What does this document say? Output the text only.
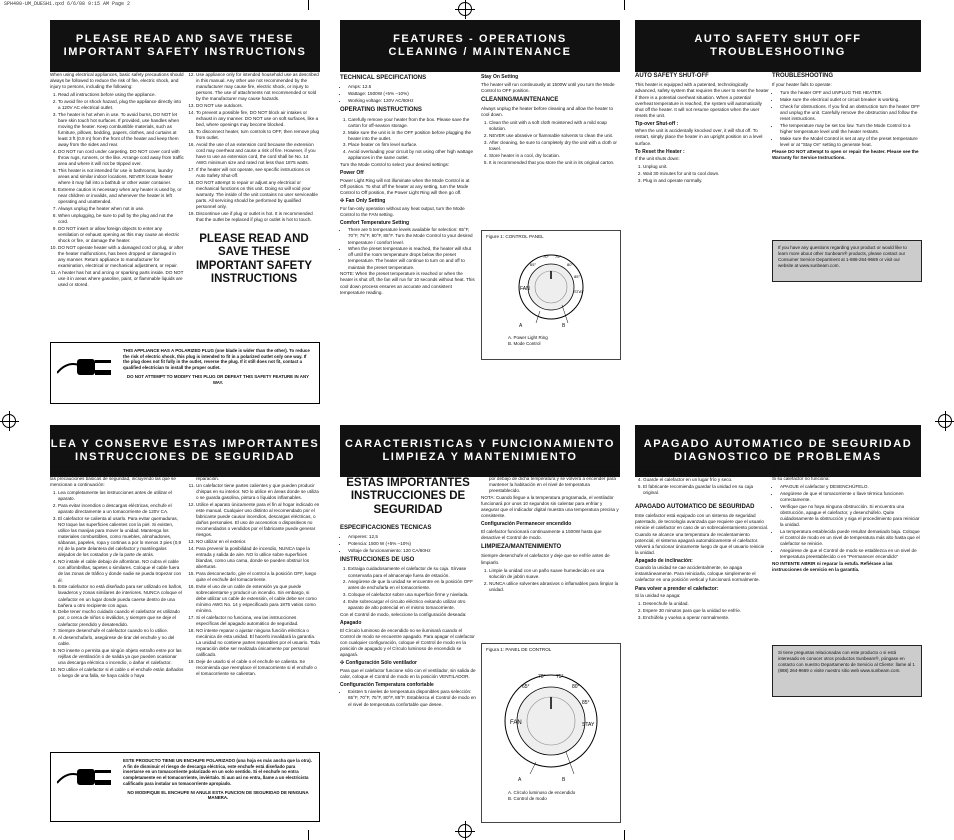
SPH400-UM_DUESH1.qxd 6/6/08 9:15 AM Page 2
PLEASE READ AND SAVE THESE
IMPORTANT SAFETY INSTRUCTIONS
FEATURES - OPERATIONS
CLEANING / MAINTENANCE
AUTO SAFETY SHUT OFF
TROUBLESHOOTING

When using electrical appliances, basic safety precautions should always be followed to reduce the risk of fire, electric shock, and injury to persons, including the following:

1. Read all instructions before using the appliance.
2. To avoid fire or shock hazard, plug the appliance directly into a 120V AC electrical outlet.
3. The heater is hot when in use. To avoid burns, DO NOT let bare skin touch hot surfaces. If provided, use handles when moving the heater. Keep combustible materials, such as furniture, pillows, bedding, papers, clothes, and curtains at least 3 ft (0.9 m) from the front of the heater and keep them away from the sides and rear.
4. DO NOT run cord under carpeting. DO NOT cover cord with throw rugs, runners, or the like. Arrange cord away from traffic area and where it will not be tripped over.
5. This heater is not intended for use in bathrooms, laundry areas and similar indoor locations. NEVER locate heater where it may fall into a bathtub or other water container.
6. Extreme caution is necessary when any heater is used by, or near children or invalids, and whenever the heater is left operating and unattended.
7. Always unplug the heater when not in use.
8. When unplugging, be sure to pull by the plug and not the cord.
9. DO NOT insert or allow foreign objects to enter any ventilation or exhaust opening as this may cause an electric shock or fire, or damage the heater.
10. DO NOT operate heater with a damaged cord or plug, or after the heater malfunctions, has been dropped or damaged in any manner. Return appliance to manufacturer for examination, electrical or mechanical adjustment, or repair.
11. A heater has hot and arcing or sparking parts inside. DO NOT use it in areas where gasoline, paint, or flammable liquids are used or stored.
12. Use appliance only for intended household use as described in this manual. Any other use not recommended by the manufacturer may cause fire, electric shock, or injury to persons. The use of attachments not recommended or sold by the manufacturer may cause hazards.
13. DO NOT use outdoors.
14. To prevent a possible fire, DO NOT block air intakes or exhaust in any manner. DO NOT use on soft surfaces, like a bed, where openings may become blocked.
15. To disconnect heater, turn controls to OFF, then remove plug from outlet.
16. Avoid the use of an extension cord because the extension cord may overheat and cause a risk of fire. However, if you have to use an extension cord, the cord shall be No. 14 AWG minimum size and rated not less than 1875 watts.
17. If the heater will not operate, see specific instructions on Auto Safety Shut-off.
18. DO NOT attempt to repair or adjust any electrical or mechanical functions on this unit. Doing so will void your warranty. The inside of the unit contains no user serviceable parts. All servicing should be performed by qualified personnel only.
19. Discontinue use if plug or outlet is hot. It is recommended that the outlet be replaced if plug or outlet is hot to touch.
PLEASE READ AND SAVE THESE IMPORTANT SAFETY INSTRUCTIONS
THIS APPLIANCE HAS A POLARIZED PLUG (one blade is wider than the other). To reduce the risk of electric shock, this plug is intended to fit in a polarized outlet only one way. If the plug does not fit fully in the outlet, reverse the plug. If it still does not fit, contact a qualified electrician to install the proper outlet.
DO NOT ATTEMPT TO MODIFY THIS PLUG OR DEFEAT THIS SAFETY FEATURE IN ANY WAY.
TECHNICAL SPECIFICATIONS
• Amps: 12.5
• Wattage: 1500W (+5% –10%)
• Working voltage: 120V AC/60Hz
OPERATING INSTRUCTIONS
1. Carefully remove your heater from the box. Please save the carton for off-season storage.
2. Make sure the unit is in the OFF position before plugging the heater into the outlet.
3. Place heater on firm level surface.
4. Avoid overloading your circuit by not using other high wattage appliances in the same outlet.

Turn the Mode Control to select your desired settings:

Power Off

Power Light Ring will not illuminate when the Mode Control is at Off position. To shut off the heater at any setting, turn the Mode Control to Off position, the Power Light Ring will then go off.

✣ Fan Only Setting

For fan-only operation without any heat output, turn the Mode Control to the FAN setting.

Comfort Temperature Setting
• There are 5 temperature levels available for selection: 65°F, 70°F, 75°F, 80°F, 85°F. Turn the Mode Control to your desired temperature / comfort level.
• When the preset temperature is reached, the heater will shut off until the room temperature drops below the preset temperature. The heater will continue to turn on and off to maintain the preset temperature.

NOTE: When the preset temperature is reached or when the heater is shut off, the fan will run for 10 seconds without heat. This cool down process ensures an accurate and consistent temperature reading.

Stay On Setting

The heater will run continuously at 1500W until you turn the Mode Control to OFF position.

CLEANING/MAINTENANCE

Always unplug the heater before cleaning and allow the heater to cool down.

1. Clean the unit with a soft cloth moistened with a mild soap solution.
2. NEVER use abrasive or flammable solvents to clean the unit.
3. After cleaning, be sure to completely dry the unit with a cloth or towel.
4. Store heater in a cool, dry location.
5. It is recommended that you store the unit in its original carton.
Figure 1: CONTROL PANEL
FAN
65°
70° 75°
80°
85°
STAY
A	B
A. Power Light Ring
B. Mode Control
AUTO SAFETY SHUT-OFF

This heater is equipped with a patented, technologically advanced, safety system that requires the user to reset the heater if there is a potential overheat situation. When a potential overheat temperature is reached, the system will automatically shut off the heater. It will not resume operation when the user resets the unit.

Tip-over Shut-off :

When the unit is accidentally knocked over, it will shut off. To restart, simply place the heater in an upright position on a level surface.

To Reset the Heater :

If the unit shuts down:

1. Unplug unit.
2. Wait 30 minutes for unit to cool down.
3. Plug in and operate normally.
TROUBLESHOOTING

If your heater fails to operate:

• Turn the heater OFF and UNPLUG THE HEATER.
• Make sure the electrical outlet or circuit breaker is working.
• Check for obstructions. If you find an obstruction turn the heater OFF and unplug the unit. Carefully remove the obstruction and follow the reset instructions.
• The temperature may be set too low. Turn the Mode Control to a higher temperature level until the heater restarts.
• Make sure the Model Control is set at any of the preset temperature level or at "Stay On" setting to generate heat.

Please DO NOT attempt to open or repair the heater. Please see the Warranty for Service Instructions.

If you have any questions regarding your product or would like to learn more about other Sunbeam® products, please contact our Consumer Service Department at 1-888-264-9669 or visit our website at www.sunbeam.com.
LEA Y CONSERVE ESTAS IMPORTANTES
INSTRUCCIONES DE SEGURIDAD
CARACTERISTICAS Y FUNCIONAMIENTO
LIMPIEZA Y MANTENIMIENTO
APAGADO AUTOMATICO DE SEGURIDAD
DIAGNOSTICO DE PROBLEMAS

Para reducir el riesgo de incendios, descargas eléctricas y lesiones personales al utilizar electrodomésticos, siga siempre las precauciones básicas de seguridad, incluyendo las que se mencionan a continuación:

1. Lea completamente las instrucciones antes de utilizar el aparato.
2. Para evitar incendios o descargas eléctricas, enchufe el aparato directamente a un tomacorriente de 120V CA.
3. El calefactor se calienta al usarlo. Para evitar quemaduras, NO toque las superficies calientes con la piel. Si existen, utilice las manijas para mover la unidad. Mantenga los materiales combustibles, como muebles, almohadones, sábanas, papeles, ropa y cortinas a por lo menos 3 pies (0,9 m) de la parte delantera del calefactor y manténgalos alejados de los costados y de la parte de atrás.
4. NO instale el cable debajo de alfombras. NO cubra el cable con alfombrillas, tapetes o similares. Coloque el cable fuera de las zonas de tráfico y donde nadie se pueda tropezar con él.
5. Este calefactor no está diseñado para ser utilizado en baños, lavaderos y zonas similares de interiores. NUNCA coloque el calefactor en un lugar donde pueda caerse dentro de una bañera u otro recipiente con agua.
6. Debe tener mucho cuidado cuando el calefactor es utilizado por, o cerca de niños o inválidos, y siempre que se deje el calefactor prendido y desatendido.
7. Siempre desenchufe el calefactor cuando no lo utilice.
8. Al desenchufarlo, asegúrese de tirar del enchufe y no del cable.
9. NO inserte o permita que ningún objeto extraño entre por las rejillas de ventilación o de salida ya que pueden ocasionar una descarga eléctrica o incendio, o dañar el calefactor.
10. NO utilice el calefactor si el cable o el enchufe están dañados o luego de una falla, se haya caído o haya
sufrido cualquier tipo de daño. Devuelva el aparato al fabricante para su inspección, ajuste eléctrico o mecánico, o reparación.
11. Un calefactor tiene partes calientes y que pueden producir chispas en su interior. NO lo utilice en áreas donde se utiliza o se guarda gasolina, pintura o líquidos inflamables.
12. Utilice el aparato únicamente para el fin al hogar indicado en este manual. Cualquier uso distinto al recomendado por el fabricante puede causar incendios, descargas eléctricas, o daños personales. El uso de accesorios o dispositivos no recomendados o vendidos por el fabricante puede generar riesgos.
13. NO utilizar en el exterior.
14. Para prevenir la posibilidad de incendio, NUNCA tape la entrada y salida de aire. NO lo utilice sobre superficies blandas, como una cama, donde se pueden obstruir los aberturas.
15. Para desconectarlo, gire el control a la posición OFF, luego quite el enchufe del tomacorriente.
16. Evite el uso de un cable de extensión ya que puede sobrecalentarse y producir un incendio. Sin embargo, si debe utilizar un cable de extensión, el cable debe ser como mínimo AWG No. 14 y especificado para 1875 vatios como mínimo.
17. Si el calefactor no funciona, vea las instrucciones específicas del apagado automático de seguridad.
18. NO intente reparar o ajustar ninguna función eléctrica o mecánica de esta unidad. El hacerlo invalidará la garantía. La unidad no contiene partes reparables por el usuario. Toda reparación debe ser realizada únicamente por personal calificado.
19. Deje de usarlo si el cable o el enchufe se calienta. Se recomienda que reemplace el tomacorriente si el enchufe o el tomacorriente se calientan.
ESTE PRODUCTO TIENE UN ENCHUFE POLARIZADO (una hoja es más ancha que la otra). A fin de disminuir el riesgo de descarga eléctrica, este enchufe está diseñado para insertarse en un tomacorriente polarizado en un solo sentido. Si el enchufe no entra completamente en el tomacorriente, inviértalo. Si aun así no entra, llame a un electricista calificado para instalar un tomacorriente apropiado.
NO MODIFIQUE EL ENCHUFE NI ANULE ESTA FUNCION DE SEGURIDAD DE NINGUNA MANERA.
LEA Y CONSERVE ESTAS IMPORTANTES INSTRUCCIONES DE SEGURIDAD
ESPECIFICACIONES TECNICAS
• Amperes: 12,5
• Potencia: 1500 W (+5% –10%)
• Voltaje de funcionamiento: 120 CA/60Hz
INSTRUCCIONES DE USO
1. Extraiga cuidadosamente el calefactor de su caja. Sírvase conservarla para el almacenaje fuera de estación.
2. Asegúrese de que la unidad se encuentre en la posición OFF antes de enchufarla en el tomacorriente.
3. Coloque el calefactor sobre una superficie firme y nivelada.
4. Evite sobrecargar el circuito eléctrico evitando utilizar otro aparato de alto potencial en el mismo tomacorriente.

Con el Control de modo, seleccione la configuración deseada:

Apagado

El Círculo luminoso de encendido no se iluminará cuando el Control de modo se encuentre apagado. Para apagar el calefactor con cualquier configuración, coloque el Control de modo en la posición de apagado y el Círculo luminoso de encendido se apagará.

✣ Configuración Sólo ventilador

Para que el calefactor funcione sólo con el ventilador, sin salida de calor, coloque el Control de modo en la posición VENTILADOR.

Configuración Temperatura confortable
• Existen 5 niveles de temperatura disponibles para selección: 65°F, 70°F, 75°F, 80°F, 85°F. Establezca el Control de modo en el nivel de temperatura confortable que desee.
• Cuando se alcance la temperatura preestablecida, el calefactor se apagará hasta que la temperatura de la habitación descienda por debajo de dicha temperatura y se volverá a encender para mantener la habitación en el nivel de temperatura preestablecido.

NOTA: Cuando llegue a la temperatura programada, el ventilador funcionará por unos 10 segundos sin calentar para enfriar y asegurar que el indicador digital muestra una temperatura precisa y consistente.

Configuración Permanecer encendido

El calefactor funcionará continuamente a 1500W hasta que desactive el Control de modo.

LIMPIEZA/MANTENIMIENTO

Siempre desenchufe el calefactor y deje que se enfríe antes de limpiarlo.

1. Limpie la unidad con un paño suave humedecido en una solución de jabón suave.
2. NUNCA utilice solventes abrasivos o inflamables para limpiar la unidad.
Figura 1: PANEL DE CONTROL
FAN
65°
70° 75°
80°
85°
STAY
A	B
A. Círculo luminoso de encendido
B. Control de modo
3. Luego de limpiarlo, asegúrese de secar completamente la unidad con un trapo o toalla.
4. Guarde el calefactor en un lugar frío y seco.
5. El fabricante recomienda guardar la unidad en su caja original.
APAGADO AUTOMATICO DE SEGURIDAD

Este calefactor está equipado con un sistema de seguridad patentado, de tecnología avanzada que requiere que el usuario reinicie el calefactor en caso de un sobrecalentamiento potencial. Cuando se alcance una temperatura de recalentamiento potencial, el sistema apagará automáticamente el calefactor. Volverá a funcionar únicamente luego de que el usuario reinicie la unidad.

Apagado de inclinación:

Cuando la unidad se cae accidentalmente, se apaga instantáneamente. Para reiniciarla, coloque simplemente el calefactor en una posición vertical y funcionará normalmente.

Para volver a prender el calefactor:

Si la unidad se apaga:

1. Desenchufe la unidad.
2. Espere 30 minutos para que la unidad se enfríe.
3. Enchúfela y vuelva a operar normalmente.
SI SU CALEFACTOR NO FUNCIONA

Si su calefactor no funciona:

• APAGUE el calefactor y DESENCHÚFELO.
• Asegúrese de que el tomacorriente o llave térmica funcionen correctamente.
• Verifique que no haya ninguna obstrucción. Si encuentra una obstrucción, apague el calefactor, y desenchúfelo. Quite cuidadosamente la obstrucción y siga el procedimiento para reiniciar la unidad.
• La temperatura establecida puede resultar demasiado baja. Coloque el Control de modo en un nivel de temperatura más alto hasta que el calefactor se reinicie.
• Asegúrese de que el Control de modo se establezca en un nivel de temperatura preestablecido o en "Permanecer encendido"

NO INTENTE ABRIR ni reparar la estufa. Refiérase a las instrucciones de servicio en la garantía.

Si tiene preguntas relacionadas con este producto o si está interesado en conocer otros productos Sunbeam®, póngase en contacto con nuestro Departamento de Servicio al Cliente: llame al 1 (888) 264-9669 o visite nuestro sitio web www.sunbeam.com.
